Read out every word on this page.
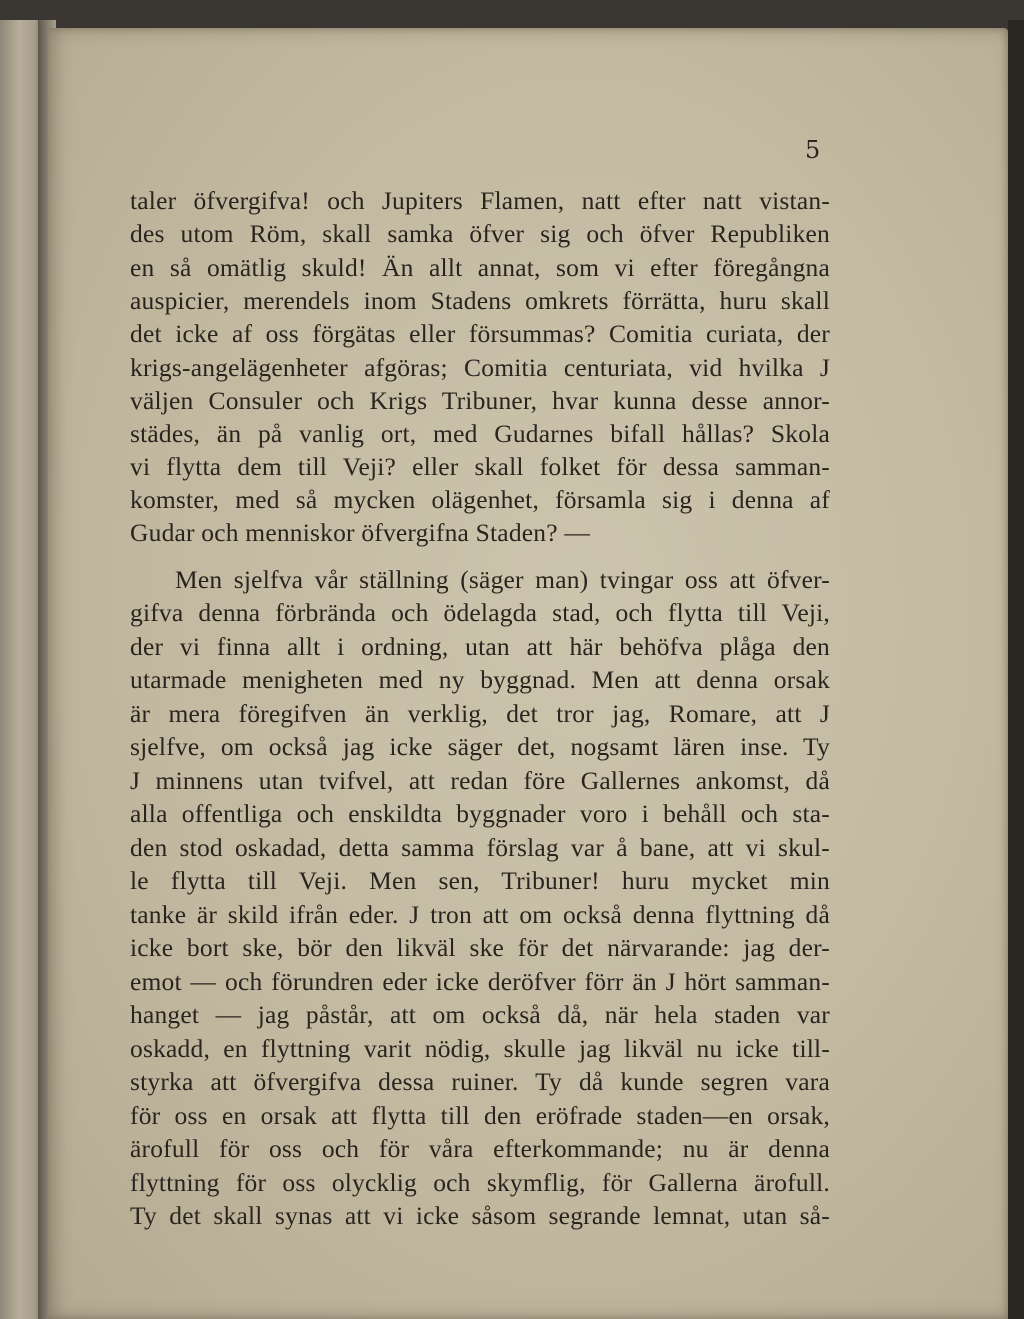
5
taler öfvergifva! och Jupiters Flamen, natt efter natt vistan-
des utom Röm, skall samka öfver sig och öfver Republiken
en så omätlig skuld! Än allt annat, som vi efter föregångna
auspicier, merendels inom Stadens omkrets förrätta, huru skall
det icke af oss förgätas eller försummas? Comitia curiata, der
krigs-angelägenheter afgöras; Comitia centuriata, vid hvilka J
väljen Consuler och Krigs Tribuner, hvar kunna desse annor-
städes, än på vanlig ort, med Gudarnes bifall hållas? Skola
vi flytta dem till Veji? eller skall folket för dessa samman-
komster, med så mycken olägenhet, församla sig i denna af
Gudar och menniskor öfvergifna Staden? —
Men sjelfva vår ställning (säger man) tvingar oss att öfver-
gifva denna förbrända och ödelagda stad, och flytta till Veji,
der vi finna allt i ordning, utan att här behöfva plåga den
utarmade menigheten med ny byggnad. Men att denna orsak
är mera föregifven än verklig, det tror jag, Romare, att J
sjelfve, om också jag icke säger det, nogsamt lären inse. Ty
J minnens utan tvifvel, att redan före Gallernes ankomst, då
alla offentliga och enskildta byggnader voro i behåll och sta-
den stod oskadad, detta samma förslag var å bane, att vi skul-
le flytta till Veji. Men sen, Tribuner! huru mycket min
tanke är skild ifrån eder. J tron att om också denna flyttning då
icke bort ske, bör den likväl ske för det närvarande: jag der-
emot — och förundren eder icke deröfver förr än J hört samman-
hanget — jag påstår, att om också då, när hela staden var
oskadd, en flyttning varit nödig, skulle jag likväl nu icke till-
styrka att öfvergifva dessa ruiner. Ty då kunde segren vara
för oss en orsak att flytta till den eröfrade staden—en orsak,
ärofull för oss och för våra efterkommande; nu är denna
flyttning för oss olycklig och skymflig, för Gallerna ärofull.
Ty det skall synas att vi icke såsom segrande lemnat, utan så-
